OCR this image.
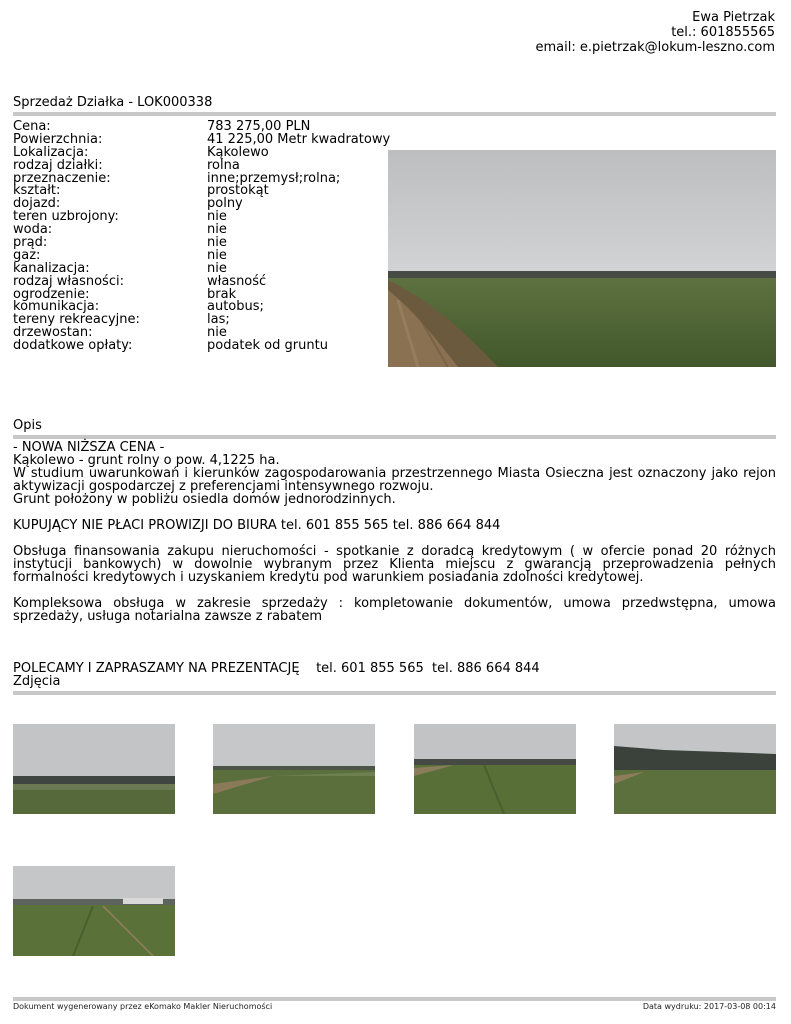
Ewa Pietrzak
tel.: 601855565
email: e.pietrzak@lokum-leszno.com
Sprzedaż Działka - LOK000338
Cena:	783 275,00 PLN
Powierzchnia:	41 225,00 Metr kwadratowy
Lokalizacja:	Kąkolewo
rodzaj działki:	rolna
przeznaczenie:	inne;przemysł;rolna;
kształt:	prostokąt
dojazd:	polny
teren uzbrojony:	nie
woda:	nie
prąd:	nie
gaz:	nie
kanalizacja:	nie
rodzaj własności:	własność
ogrodzenie:	brak
komunikacja:	autobus;
tereny rekreacyjne:	las;
drzewostan:	nie
dodatkowe opłaty:	podatek od gruntu
Opis

- NOWA NIŻSZA CENA -

Kąkolewo - grunt rolny o pow. 4,1225 ha.

W studium uwarunkowań i kierunków zagospodarowania przestrzennego Miasta Osieczna jest oznaczony jako rejon aktywizacji gospodarczej z preferencjami intensywnego rozwoju.

Grunt położony w pobliżu osiedla domów jednorodzinnych.

KUPUJĄCY NIE PŁACI PROWIZJI DO BIURA tel. 601 855 565 tel. 886 664 844

Obsługa finansowania zakupu nieruchomości - spotkanie z doradcą kredytowym ( w ofercie ponad 20 różnych instytucji bankowych) w dowolnie wybranym przez Klienta miejscu z gwarancją przeprowadzenia pełnych formalności kredytowych i uzyskaniem kredytu pod warunkiem posiadania zdolności kredytowej.

Kompleksowa obsługa w zakresie sprzedaży : kompletowanie dokumentów, umowa przedwstępna, umowa sprzedaży, usługa notarialna zawsze z rabatem

POLECAMY I ZAPRASZAMY NA PREZENTACJĘ    tel. 601 855 565  tel. 886 664 844
Zdjęcia
Dokument wygenerowany przez eKomako Makler Nieruchomości	Data wydruku: 2017-03-08 00:14
